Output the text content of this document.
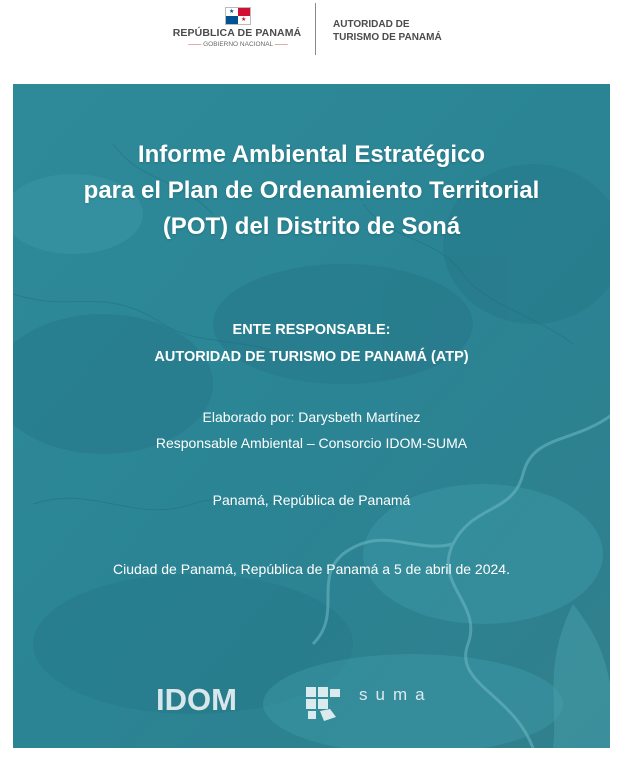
★
★
REPÚBLICA DE PANAMÁ
—— GOBIERNO NACIONAL ——
AUTORIDAD DE
TURISMO DE PANAMÁ
Informe Ambiental Estratégico
para el Plan de Ordenamiento Territorial
(POT) del Distrito de Soná
ENTE RESPONSABLE:
AUTORIDAD DE TURISMO DE PANAMÁ (ATP)
Elaborado por: Darysbeth Martínez
Responsable Ambiental – Consorcio IDOM-SUMA
Panamá, República de Panamá
Ciudad de Panamá, República de Panamá a 5 de abril de 2024.
IDOM	suma
